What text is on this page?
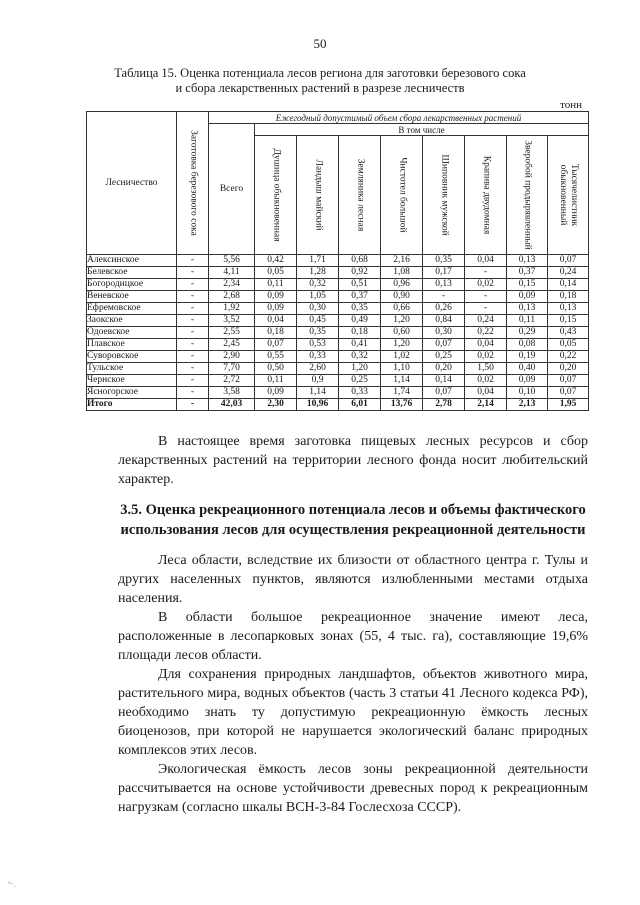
50
Таблица 15. Оценка потенциала лесов региона для заготовки березового сока
и сбора лекарственных растений в разрезе лесничеств
тонн
Лесничество	Заготовка березового сока	Ежегодный допустимый объем сбора лекарственных растений								
		Всего	В том числе							

			Душица обыкновенная	Ландыш майский	Земляника лесная	Чистотел большой	Шиповник мужской	Крапива двудомная	Зверобой продырявленный	Тысячелистник обыкновенный

Алексинское	-	5,56	0,42	1,71	0,68	2,16	0,35	0,04	0,13	0,07
Белевское	-	4,11	0,05	1,28	0,92	1,08	0,17	-	0,37	0,24
Богородицкое	-	2,34	0,11	0,32	0,51	0,96	0,13	0,02	0,15	0,14
Веневское	-	2,68	0,09	1,05	0,37	0,90	-	-	0,09	0,18
Ефремовское	-	1,92	0,09	0,30	0,35	0,66	0,26	-	0,13	0,13
Заокское	-	3,52	0,04	0,45	0,49	1,20	0,84	0,24	0,11	0,15
Одоевское	-	2,55	0,18	0,35	0,18	0,60	0,30	0,22	0,29	0,43
Плавское	-	2,45	0,07	0,53	0,41	1,20	0,07	0,04	0,08	0,05
Суворовское	-	2,90	0,55	0,33	0,32	1,02	0,25	0,02	0,19	0,22
Тульское	-	7,70	0,50	2,60	1,20	1,10	0,20	1,50	0,40	0,20
Чернское	-	2,72	0,11	0,9	0,25	1,14	0,14	0,02	0,09	0,07
Ясногорское	-	3,58	0,09	1,14	0,33	1,74	0,07	0,04	0,10	0,07
Итого	-	42,03	2,30	10,96	6,01	13,76	2,78	2,14	2,13	1,95
В настоящее время заготовка пищевых лесных ресурсов и сбор лекарственных растений на территории лесного фонда носит любительский характер.
3.5. Оценка рекреационного потенциала лесов и объемы фактического использования лесов для осуществления рекреационной деятельности
Леса области, вследствие их близости от областного центра г. Тулы и других населенных пунктов, являются излюбленными местами отдыха населения.
В области большое рекреационное значение имеют леса, расположенные в лесопарковых зонах (55, 4 тыс. га), составляющие 19,6% площади лесов области.
Для сохранения природных ландшафтов, объектов животного мира, растительного мира, водных объектов (часть 3 статьи 41 Лесного кодекса РФ), необходимо знать ту допустимую рекреационную ёмкость лесных биоценозов, при которой не нарушается экологический баланс природных комплексов этих лесов.
Экологическая ёмкость лесов зоны рекреационной деятельности рассчитывается на основе устойчивости древесных пород к рекреационным нагрузкам (согласно шкалы ВСН-3-84 Гослесхоза СССР).
°·.
